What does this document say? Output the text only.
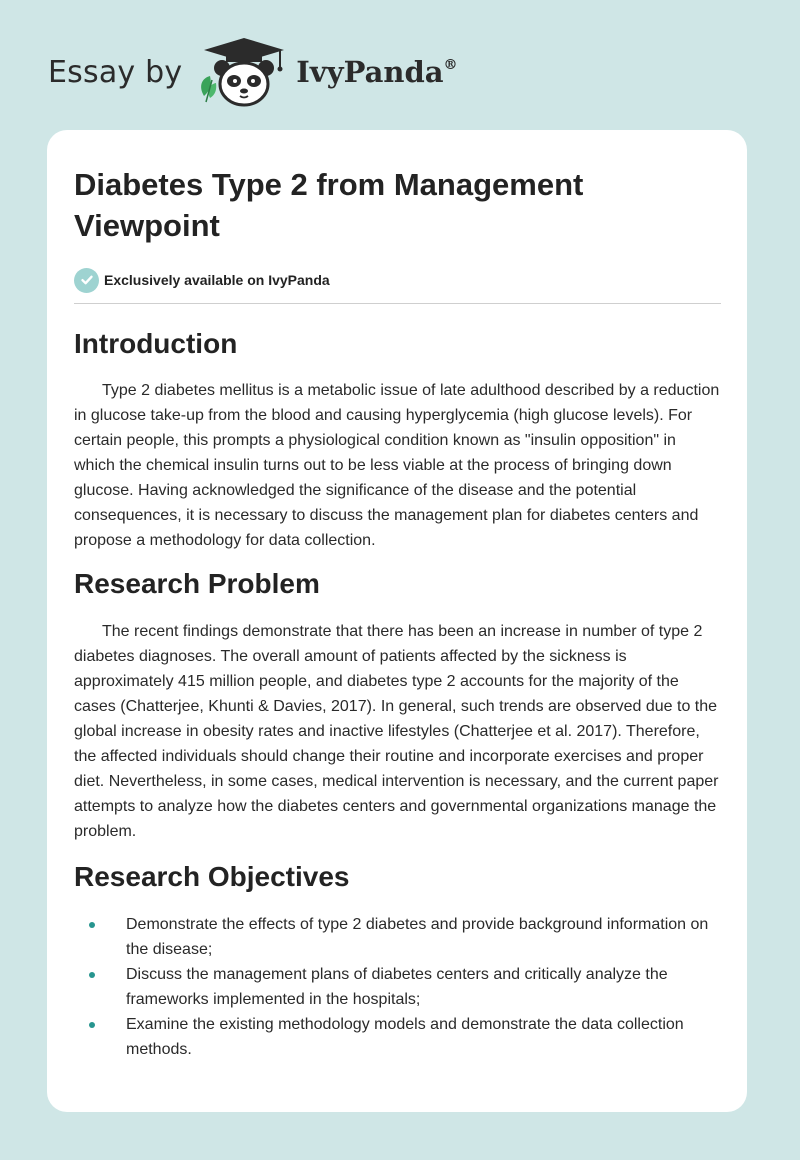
Essay by	IvyPanda®
Diabetes Type 2 from Management Viewpoint
Exclusively available on IvyPanda
Introduction

Type 2 diabetes mellitus is a metabolic issue of late adulthood described by a reduction in glucose take-up from the blood and causing hyperglycemia (high glucose levels). For certain people, this prompts a physiological condition known as "insulin opposition" in which the chemical insulin turns out to be less viable at the process of bringing down glucose. Having acknowledged the significance of the disease and the potential consequences, it is necessary to discuss the management plan for diabetes centers and propose a methodology for data collection.

Research Problem

The recent findings demonstrate that there has been an increase in number of type 2 diabetes diagnoses. The overall amount of patients affected by the sickness is approximately 415 million people, and diabetes type 2 accounts for the majority of the cases (Chatterjee, Khunti & Davies, 2017). In general, such trends are observed due to the global increase in obesity rates and inactive lifestyles (Chatterjee et al. 2017). Therefore, the affected individuals should change their routine and incorporate exercises and proper diet. Nevertheless, in some cases, medical intervention is necessary, and the current paper attempts to analyze how the diabetes centers and governmental organizations manage the problem.

Research Objectives
Demonstrate the effects of type 2 diabetes and provide background information on the disease;
Discuss the management plans of diabetes centers and critically analyze the frameworks implemented in the hospitals;
Examine the existing methodology models and demonstrate the data collection methods.
